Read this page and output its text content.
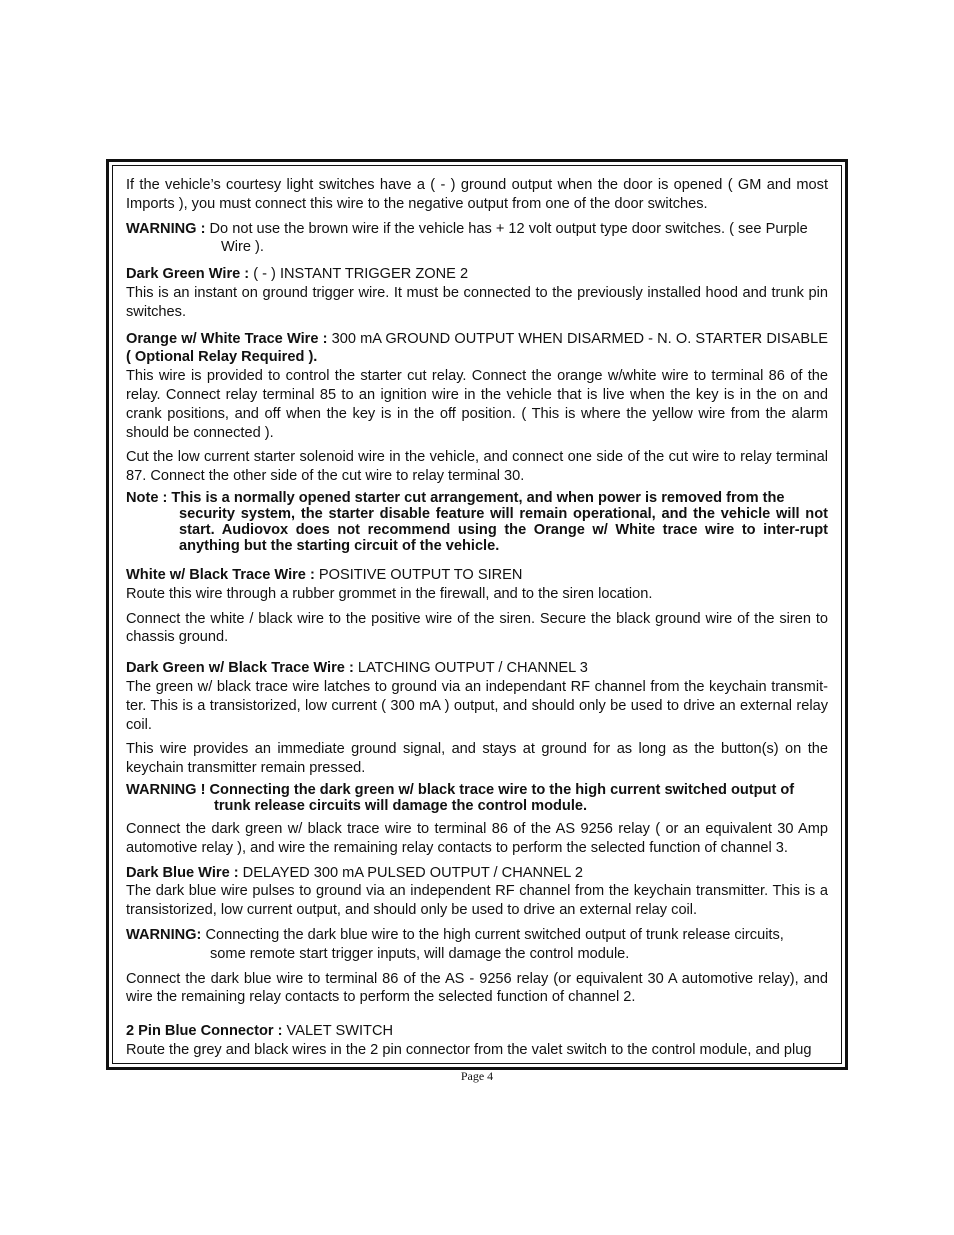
If the vehicle’s courtesy light switches have a ( - ) ground output when the door is opened ( GM and most Imports ), you must connect this wire to the negative output from one of the door switches.

WARNING : Do not use the brown wire if the vehicle has + 12 volt output type door switches. ( see Purple

Wire ).

Dark Green Wire : ( - ) INSTANT TRIGGER ZONE 2

This is an instant on ground trigger wire. It must be connected to the previously installed hood and trunk pin switches.

Orange w/ White Trace Wire : 300 mA GROUND OUTPUT WHEN DISARMED - N. O. STARTER DISABLE ( Optional Relay Required ).

This wire is provided to control the starter cut relay. Connect the orange w/white wire to terminal 86 of the relay. Connect relay terminal 85 to an ignition wire in the vehicle that is live when the key is in the on and crank positions, and off when the key is in the off position. ( This is where the yellow wire from the alarm should be connected ).

Cut the low current starter solenoid wire in the vehicle, and connect one side of the cut wire to relay terminal 87. Connect the other side of the cut wire to relay terminal 30.

Note : This is a normally opened starter cut arrangement, and when power is removed from the

security system, the starter disable feature will remain operational, and the vehicle will not start. Audiovox does not recommend using the Orange w/ White trace wire to inter-rupt anything but the starting circuit of the vehicle.

White w/ Black Trace Wire : POSITIVE OUTPUT TO SIREN

Route this wire through a rubber grommet in the firewall, and to the siren location.

Connect the white / black wire to the positive wire of the siren. Secure the black ground wire of the siren to chassis ground.

Dark Green w/ Black Trace Wire : LATCHING OUTPUT / CHANNEL 3

The green w/ black trace wire latches to ground via an independant RF channel from the keychain transmit-ter. This is a transistorized, low current ( 300 mA ) output, and should only be used to drive an external relay coil.

This wire provides an immediate ground signal, and stays at ground for as long as the button(s) on the keychain transmitter remain pressed.

WARNING ! Connecting the dark green w/ black trace wire to the high current switched output of

trunk release circuits will damage the control module.

Connect the dark green w/ black trace wire to terminal 86 of the AS 9256 relay ( or an equivalent 30 Amp automotive relay ), and wire the remaining relay contacts to perform the selected function of channel 3.

Dark Blue Wire : DELAYED 300 mA PULSED OUTPUT / CHANNEL 2

The dark blue wire pulses to ground via an independent RF channel from the keychain transmitter. This is a transistorized, low current output, and should only be used to drive an external relay coil.

WARNING: Connecting the dark blue wire to the high current switched output of trunk release circuits,

some remote start trigger inputs, will damage the control module.

Connect the dark blue wire to terminal 86 of the AS - 9256 relay (or equivalent 30 A automotive relay), and wire the remaining relay contacts to perform the selected function of channel 2.

2 Pin Blue Connector : VALET SWITCH

Route the grey and black wires in the 2 pin connector from the valet switch to the control module, and plug

Page 4
